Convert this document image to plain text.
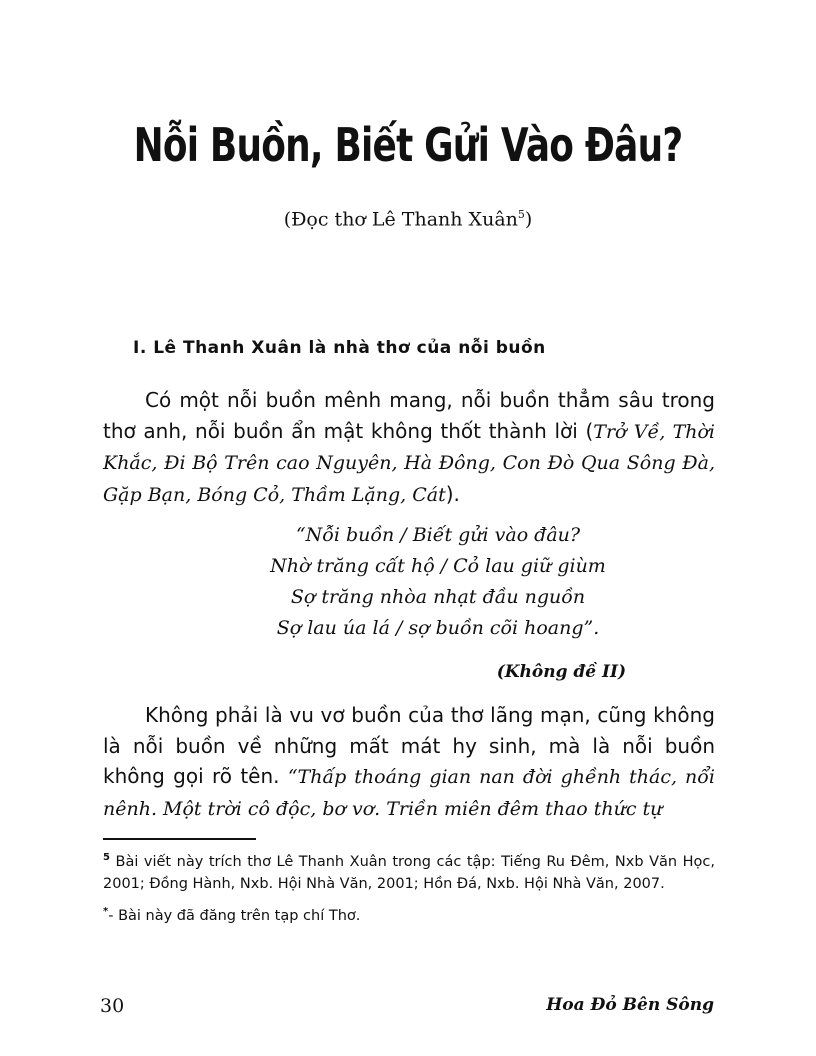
Nỗi Buồn, Biết Gửi Vào Đâu?

(Đọc thơ Lê Thanh Xuân$^5$)

I. Lê Thanh Xuân là nhà thơ của nỗi buồn

Có một nỗi buồn mênh mang, nỗi buồn thẳm sâu trong thơ anh, nỗi buồn ẩn mật không thốt thành lời (Trở Về, Thời Khắc, Đi Bộ Trên cao Nguyên, Hà Đông, Con Đò Qua Sông Đà, Gặp Bạn, Bóng Cỏ, Thầm Lặng, Cát).

“Nỗi buồn / Biết gửi vào đâu?
Nhờ trăng cất hộ / Cỏ lau giữ giùm
Sợ trăng nhòa nhạt đầu nguồn
Sợ lau úa lá / sợ buồn cõi hoang”.

(Không đề II)

Không phải là vu vơ buồn của thơ lãng mạn, cũng không là nỗi buồn về những mất mát hy sinh, mà là nỗi buồn không gọi rõ tên. “Thấp thoáng gian nan đời ghềnh thác, nổi nênh. Một trời cô độc, bơ vơ. Triền miên đêm thao thức tự

$^5$ Bài viết này trích thơ Lê Thanh Xuân trong các tập: Tiếng Ru Đêm, Nxb Văn Học, 2001; Đồng Hành, Nxb. Hội Nhà Văn, 2001; Hồn Đá, Nxb. Hội Nhà Văn, 2007.

*- Bài này đã đăng trên tạp chí Thơ.

30	Hoa Đỏ Bên Sông
